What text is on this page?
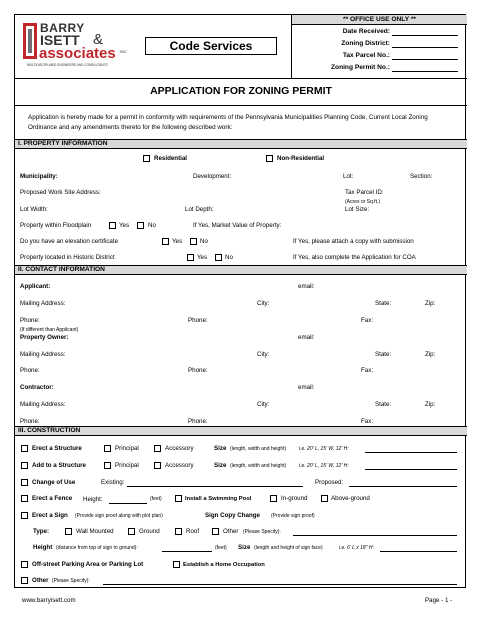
BARRY
ISETT &
associates INC
MULTIDISCIPLINED ENGINEERS AND CONSULTANTS
Code Services
** OFFICE USE ONLY **
Date Received:
Zoning District:
Tax Parcel No.:
Zoning Permit No.:
APPLICATION FOR ZONING PERMIT
Application is hereby made for a permit in conformity with requirements of the Pennsylvania Municipalities Planning Code, Current Local Zoning Ordinance and any amendments thereto for the following described work:
I. PROPERTY INFORMATION
Residential	Non-Residential
Municipality:	Development:	Lot:	Section:
Proposed Work Site Address:	Tax Parcel ID:
(Acres or Sq.ft.)
Lot Width:	Lot Depth:	Lot Size:
Property within Floodplain	Yes	No	If Yes, Market Value of Property:
Do you have an elevation certificate	Yes	No	If Yes, please attach a copy with submission
Property located in Historic District	Yes	No	If Yes, also complete the Application for COA
II. CONTACT INFORMATION
Applicant:	email:
Mailing Address:	City:	State:	Zip:
Phone:	Phone:	Fax:
(If different than Applicant)
Property Owner:	email:
Mailing Address:	City:	State:	Zip:
Phone:	Phone:	Fax:
Contractor:	email:
Mailing Address:	City:	State:	Zip:
Phone:	Phone:	Fax:
III. CONSTRUCTION
Erect a Structure	Principal	Accessory	Size (length, width and height)	i.e. 20' L, 15' W, 12' H:
Add to a Structure	Principal	Accessory	Size (length, width and height)	i.e. 20' L, 15' W, 12' H:
Change of Use	Existing:	Proposed:
Erect a Fence Height:	(feet)	Install a Swimming Pool	In-ground	Above-ground
Erect a Sign (Provide sign proof along with plot plan)	Sign Copy Change (Provide sign proof)
Type:	Wall Mounted	Ground	Roof	Other (Please Specify):
Height (distance from top of sign to ground):	(feet) Size (length and height of sign face)	i.e. 6' L x 18" H:
Off-street Parking Area or Parking Lot	Establish a Home Occupation
Other (Please Specify):
www.barryisett.com	Page - 1 -
